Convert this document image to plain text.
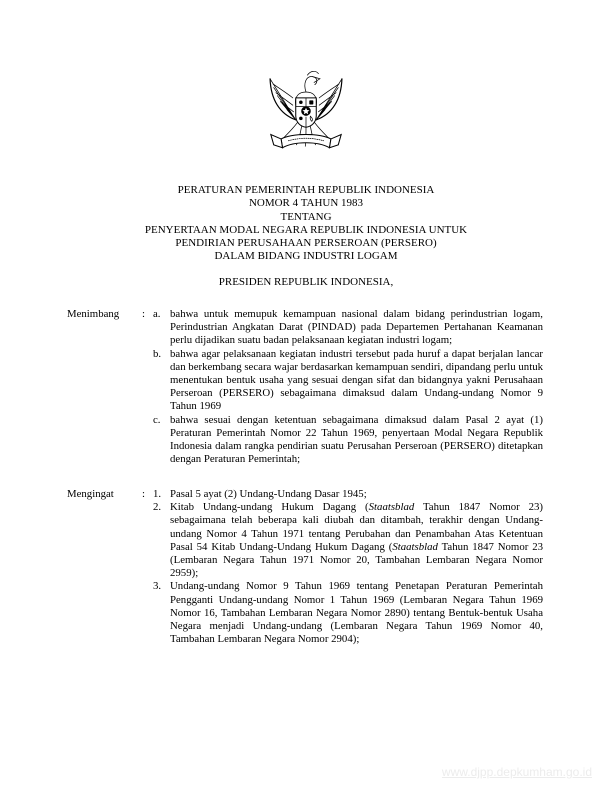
PERATURAN PEMERINTAH REPUBLIK INDONESIA
NOMOR 4 TAHUN 1983
TENTANG
PENYERTAAN MODAL NEGARA REPUBLIK INDONESIA UNTUK
PENDIRIAN PERUSAHAAN PERSEROAN (PERSERO)
DALAM BIDANG INDUSTRI LOGAM
PRESIDEN REPUBLIK INDONESIA,
Menimbang	: a. bahwa untuk memupuk kemampuan nasional dalam bidang perindustrian logam, Perindustrian Angkatan Darat (PINDAD) pada Departemen Pertahanan Keamanan perlu dijadikan suatu badan pelaksanaan kegiatan industri logam;
b. bahwa agar pelaksanaan kegiatan industri tersebut pada huruf a dapat berjalan lancar dan berkembang secara wajar berdasarkan kemampuan sendiri, dipandang perlu untuk menentukan bentuk usaha yang sesuai dengan sifat dan bidangnya yakni Perusahaan Perseroan (PERSERO) sebagaimana dimaksud dalam Undang-undang Nomor 9 Tahun 1969
c. bahwa sesuai dengan ketentuan sebagaimana dimaksud dalam Pasal 2 ayat (1) Peraturan Pemerintah Nomor 22 Tahun 1969, penyertaan Modal Negara Republik Indonesia dalam rangka pendirian suatu Perusahan Perseroan (PERSERO) ditetapkan dengan Peraturan Pemerintah;
Mengingat	: 1. Pasal 5 ayat (2) Undang-Undang Dasar 1945;
2. Kitab Undang-undang Hukum Dagang (Staatsblad Tahun 1847 Nomor 23) sebagaimana telah beberapa kali diubah dan ditambah, terakhir dengan Undang-undang Nomor 4 Tahun 1971 tentang Perubahan dan Penambahan Atas Ketentuan Pasal 54 Kitab Undang-Undang Hukum Dagang (Staatsblad Tahun 1847 Nomor 23 (Lembaran Negara Tahun 1971 Nomor 20, Tambahan Lembaran Negara Nomor 2959);
3. Undang-undang Nomor 9 Tahun 1969 tentang Penetapan Peraturan Pemerintah Pengganti Undang-undang Nomor 1 Tahun 1969 (Lembaran Negara Tahun 1969 Nomor 16, Tambahan Lembaran Negara Nomor 2890) tentang Bentuk-bentuk Usaha Negara menjadi Undang-undang (Lembaran Negara Tahun 1969 Nomor 40, Tambahan Lembaran Negara Nomor 2904);
www.djpp.depkumham.go.id
